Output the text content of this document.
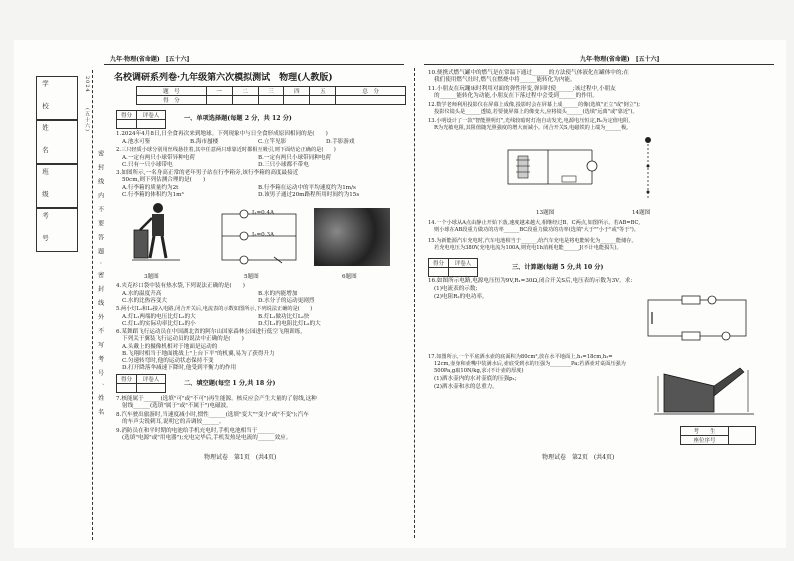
九年·物理(省命题)　[五十六]	九年·物理(省命题)　[五十六]
学　　校
姓　　名
班　　级
考　　号
2024
(五十六)
密　封　线　内　不　要　答　题　·　密　封　线　外　不　写　考　号　、　姓　名
名校调研系列卷·九年级第六次模拟测试　物理(人教版)
题　号	一	二	三	四	五	总　分
得　分						
得分	评卷人
		一、单项选择题(每题 2 分，共 12 分)
1.2024年4月8日,日全食再次来到地球。下列现象中与日全食形成原因相同的是(　　)
A.池水可鉴	B.海市蜃楼	C.立竿见影	D.手影游戏
2.三只轻质小球分别用丝线悬挂着,其中任意两只球靠近时都相互吸引,则下面结论正确的是(　　)
A.一定有两只小球带异种电荷	B.一定有两只小球带同种电荷
C.只有一只小球带电	D.三只小球都不带电
3.如图所示,一名身高正常的老年男子站在行李箱旁,该行李箱的高度最接近
50cm,则下列估测合理的是(　　)
A.行李箱的质量约为2t	B.行李箱在运动中的平均速度约为1m/s
C.行李箱的体积约为1m³	D.该男子通过20m路程所用时间约为15s
3题图
I₁=0.4A
I₂=0.3A
5题图	6题图
4.夹克衫口袋中装有热水袋,下列说法正确的是(　　)
A.水的温度升高	B.水的内能增加
C.水的比热容变大	D.水分子的运动更剧烈
5.两小灯L₁和L₂接入电路,闭合开关后,电流表的示数如图所示,下列说法正确的是(　　)
A.灯L₁两端的电压比灯L₂的大	B.灯L₁做功比灯L₂快
C.灯L₁的实际功率比灯L₂的小	D.灯L₁的电阻比灯L₂的大
6.某舞蹈飞行运动员在中国湖北省的阿尔山国家森林公园进行低空飞翔训练,
下列关于翼装飞行运动员的说法中正确的是(　　)
A.头戴上的摄像机相对于地面是运动的
B.飞翔时相当于地面挑战上"上台下平"的机翼,易为了获得升力
C.匀速转弯时,他的运动状态保持不变
D.打开降落伞减速下降时,他受到平衡力的作用
得分	评卷人
		二、填空题(每空 1 分,共 18 分)
7.核能属于______(选填"可"或"不可")再生能源。核反应会产生大量的了射线,这种
射线______(选填"属于"或"不属于")电磁波。
8.汽车驶出旅游时,当速度减小时,惯性______(选填"变大""变小"或"不变");汽车
的车声尖锐刺耳,说明它的音调较______。
9.消防员在和平时期的电池给手机充电时,手机电池相当于______
(选填"电源"或"用电器");充电完毕后,手机发热是电流的______效应。
物理试卷　第1页　(共4页)
10.便携式燃气罐中的燃气是在常温下通过______的方法使气体液化在罐体中的;在
我们使用燃气灶时,燃气在燃烧中将______能转化为内能。
11.小朋友在玩蹦床时利用对面的弹性形变,弹回时使______;该过程中,小朋友
的______能转化为动能,小朋友在下落过程中会受到______的作用。
12.数学老师利用投影仪在屏幕上成像,投影时会在屏幕上成______的像(选填"正立"或"倒立");
投影仪镜头是______透镜,若要使屏幕上的像变大,应将镜头______(选填"远离"或"靠近")。
13.小明设计了一款"智能照明灯",光线较暗时灯泡自动发光,电源电压恒定,R₀为定值电阻,
R为光敏电阻,其阻值随光照强度的增大而减小。闭合开关S,电磁铁的上端为______极。
13题图	14题图
14.一个小球从A点由静止开始下落,速度越来越大,相继经过B、C两点,如图所示。若AB=BC,
则小球在AB段重力做功的功率______BC段重力做功的功率(选填"大于""小于"或"等于")。
15.为新能源汽车充电时,汽车电池相当于______,给汽车充电是将电能转化为______能储存。
若充电电压为380V,充电电流为100A,则充电1h消耗电能______J(不计电能损失)。
得分	评卷人
		三、计算题(每题 5 分,共 10 分)
16.如图所示电路,电源电压恒为9V,R₁=30Ω,闭合开关S后,电压表的示数为3V。求:
(1)电流表的示数;
(2)电阻R₂的电功率。
17.如图所示,一个平底洒水壶的底面积为80cm²,放在水平地面上,h₁=18cm,h₂=
12cm,壶身和壶嘴中装满水后,壶底受到水的压强为________Pa;若酒壶对桌面压强为
500Pa,g取10N/kg,求:(不计壶的厚度)
(1)洒水壶内的水对壶底的压强p₁;
(2)洒水壶和水的总重力。
考　　生	
座位序号
物理试卷　第2页　(共4页)
